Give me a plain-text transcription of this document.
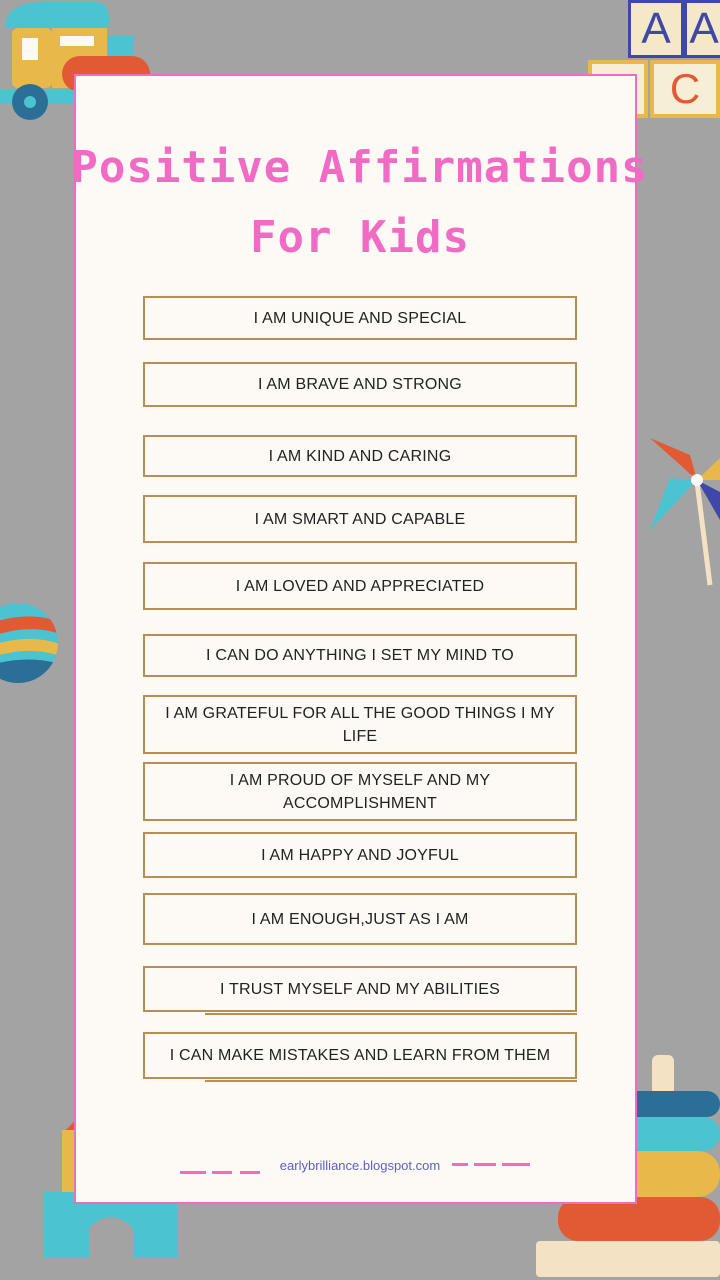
A A
C
Positive Affirmations
For Kids
I AM UNIQUE AND SPECIAL
I AM BRAVE AND STRONG
I AM KIND AND CARING
I AM SMART AND CAPABLE
I AM LOVED AND APPRECIATED
I CAN DO ANYTHING I SET MY MIND TO
I AM GRATEFUL FOR ALL THE GOOD THINGS I MY LIFE
I AM PROUD OF MYSELF AND MY ACCOMPLISHMENT
I AM HAPPY AND JOYFUL
I AM ENOUGH,JUST AS I AM
I TRUST MYSELF AND MY ABILITIES
I CAN MAKE MISTAKES AND LEARN FROM THEM
earlybrilliance.blogspot.com
